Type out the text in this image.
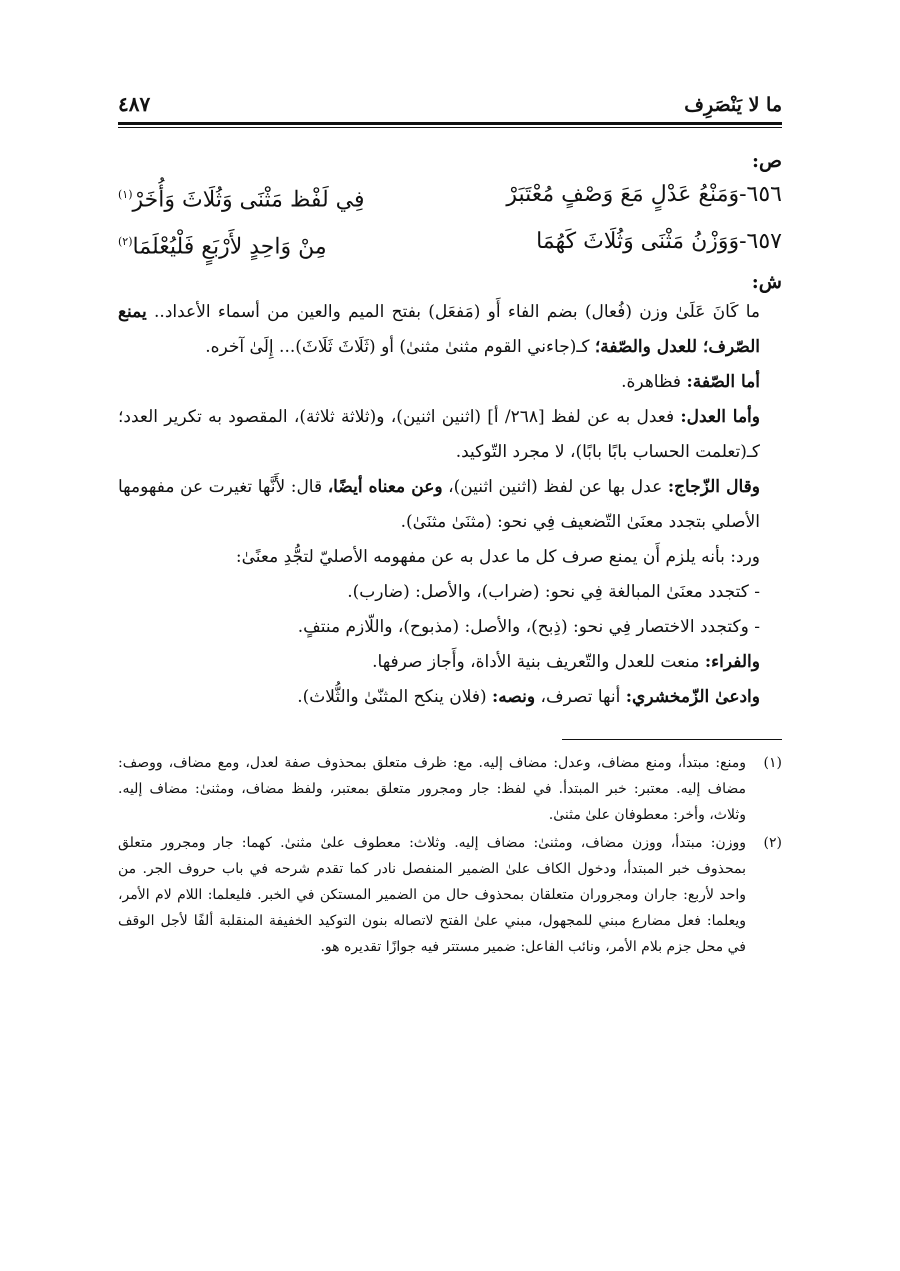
ما لا يَنْصَرِف
٤٨٧
ص:
٦٥٦-وَمَنْعُ عَدْلٍ مَعَ وَصْفٍ مُعْتَبَرْ
فِي لَفْظ مَثْنَى وَثُلَاثَ وَأُخَرْ$^{(١)}$
٦٥٧-وَوَزْنُ مَثْنَى وَثُلَاثَ كَهُمَا
مِنْ وَاحِدٍ لأَرْبَعٍ فَلْيُعْلَمَا$^{(٢)}$
ش:

ما كَانَ عَلَىٰ وزن (فُعال) بضم الفاء أَو (مَفعَل) بفتح الميم والعين من أسماء الأعداد.. يمنع الصّرف؛ للعدل والصّفة؛ كـ(جاءني القوم مثنىٰ مثنىٰ) أو (ثَلَاثَ ثَلَاثَ)... إِلَىٰ آخره.

أما الصّفة: فظاهرة.

وأما العدل: فعدل به عن لفظ [٢٦٨/ أ] (اثنين اثنين)، و(ثلاثة ثلاثة)، المقصود به تكرير العدد؛ كـ(تعلمت الحساب بابًا بابًا)، لا مجرد التّوكيد.

وقال الزّجاج: عدل بها عن لفظ (اثنين اثنين)، وعن معناه أيضًا، قال: لأَنَّها تغيرت عن مفهومها الأصلي بتجدد معنَىٰ التّضعيف فِي نحو: (مثنَىٰ مثنَىٰ).

ورد: بأنه يلزم أَن يمنع صرف كل ما عدل به عن مفهومه الأصليّ لتجُّدِ معنًىٰ:

- كتجدد معنَىٰ المبالغة فِي نحو: (ضراب)، والأصل: (ضارب).

- وكتجدد الاختصار فِي نحو: (ذِبح)، والأصل: (مذبوح)، واللّازم منتفٍ.

والفراء: منعت للعدل والتّعريف بنية الأداة، وأَجاز صرفها.

وادعىٰ الزّمخشري: أنها تصرف، ونصه: (فلان ينكح المثنّىٰ والثُّلاث).

(١)
ومنع: مبتدأ، ومنع مضاف، وعدل: مضاف إليه. مع: ظرف متعلق بمحذوف صفة لعدل، ومع مضاف، ووصف: مضاف إليه. معتبر: خبر المبتدأ. في لفظ: جار ومجرور متعلق بمعتبر، ولفظ مضاف، ومثنىٰ: مضاف إليه. وثلاث، وأخر: معطوفان علىٰ مثنىٰ.
(٢)
ووزن: مبتدأ، ووزن مضاف، ومثنىٰ: مضاف إليه. وثلاث: معطوف علىٰ مثنىٰ. كهما: جار ومجرور متعلق بمحذوف خبر المبتدأ، ودخول الكاف علىٰ الضمير المنفصل نادر كما تقدم شرحه في باب حروف الجر. من واحد لأربع: جاران ومجروران متعلقان بمحذوف حال من الضمير المستكن في الخبر. فليعلما: اللام لام الأمر، ويعلما: فعل مضارع مبني للمجهول، مبني علىٰ الفتح لاتصاله بنون التوكيد الخفيفة المنقلبة ألفًا لأجل الوقف في محل جزم بلام الأمر، ونائب الفاعل: ضمير مستتر فيه جوازًا تقديره هو.
